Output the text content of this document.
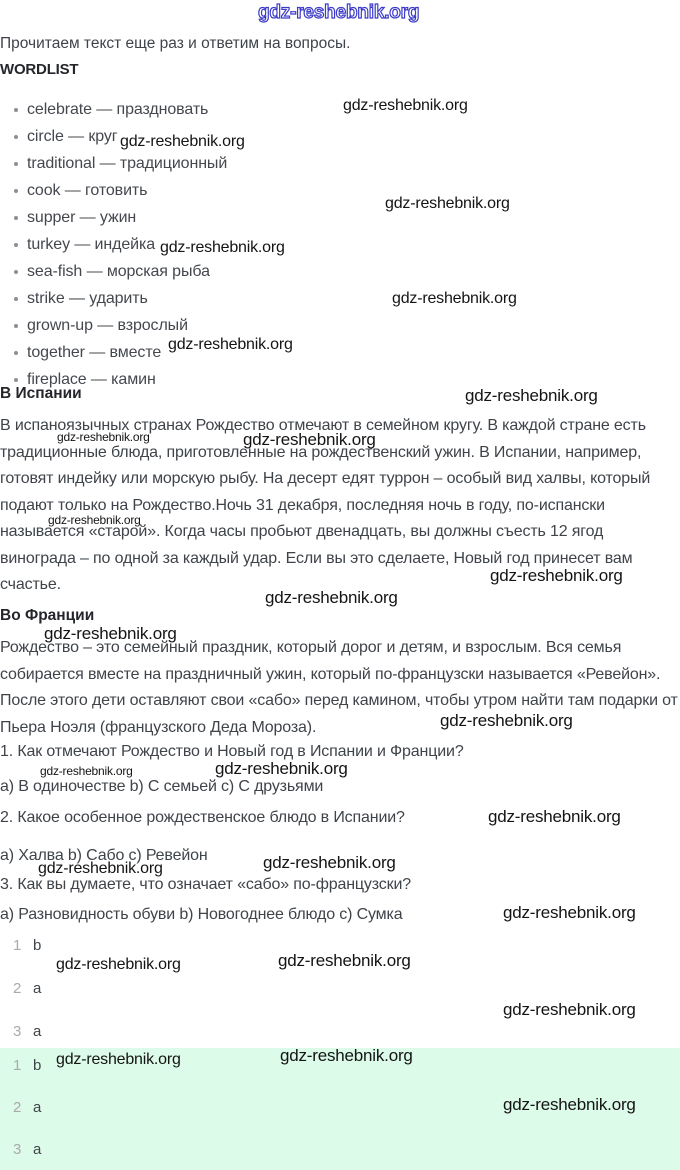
Прочитаем текст еще раз и ответим на вопросы.
WORDLIST
celebrate — праздновать
circle — круг
traditional — традиционный
cook — готовить
supper — ужин
turkey — индейка
sea-fish — морская рыба
strike — ударить
grown-up — взрослый
together — вместе
fireplace — камин
В Испании
В испаноязычных странах Рождество отмечают в семейном кругу. В каждой стране есть традиционные блюда, приготовленные на рождественский ужин. В Испании, например, готовят индейку или морскую рыбу. На десерт едят туррон – особый вид халвы, который подают только на Рождество.Ночь 31 декабря, последняя ночь в году, по-испански называется «старой». Когда часы пробьют двенадцать, вы должны съесть 12 ягод винограда – по одной за каждый удар. Если вы это сделаете, Новый год принесет вам счастье.
Во Франции
Рождество – это семейный праздник, который дорог и детям, и взрослым. Вся семья собирается вместе на праздничный ужин, который по-французски называется «Ревейон». После этого дети оставляют свои «сабо» перед камином, чтобы утром найти там подарки от Пьера Ноэля (французского Деда Мороза).
1. Как отмечают Рождество и Новый год в Испании и Франции?
a) В одиночестве b) С семьей c) С друзьями
2. Какое особенное рождественское блюдо в Испании?
a) Халва b) Сабо c) Ревейон
3. Как вы думаете, что означает «сабо» по-французски?
a) Разновидность обуви b) Новогоднее блюдо c) Сумка
1 b
2 a
3 a
1 b
2 a
3 a
gdz-reshebnik.org
gdz-reshebnik.org
gdz-reshebnik.org
gdz-reshebnik.org
gdz-reshebnik.org
gdz-reshebnik.org
gdz-reshebnik.org
gdz-reshebnik.org
gdz-reshebnik.org	gdz-reshebnik.org
gdz-reshebnik.org
gdz-reshebnik.org
gdz-reshebnik.org
gdz-reshebnik.org
gdz-reshebnik.org
gdz-reshebnik.org	gdz-reshebnik.org
gdz-reshebnik.org
gdz-reshebnik.org	gdz-reshebnik.org
gdz-reshebnik.org
gdz-reshebnik.org	gdz-reshebnik.org
gdz-reshebnik.org
gdz-reshebnik.org	gdz-reshebnik.org
gdz-reshebnik.org
